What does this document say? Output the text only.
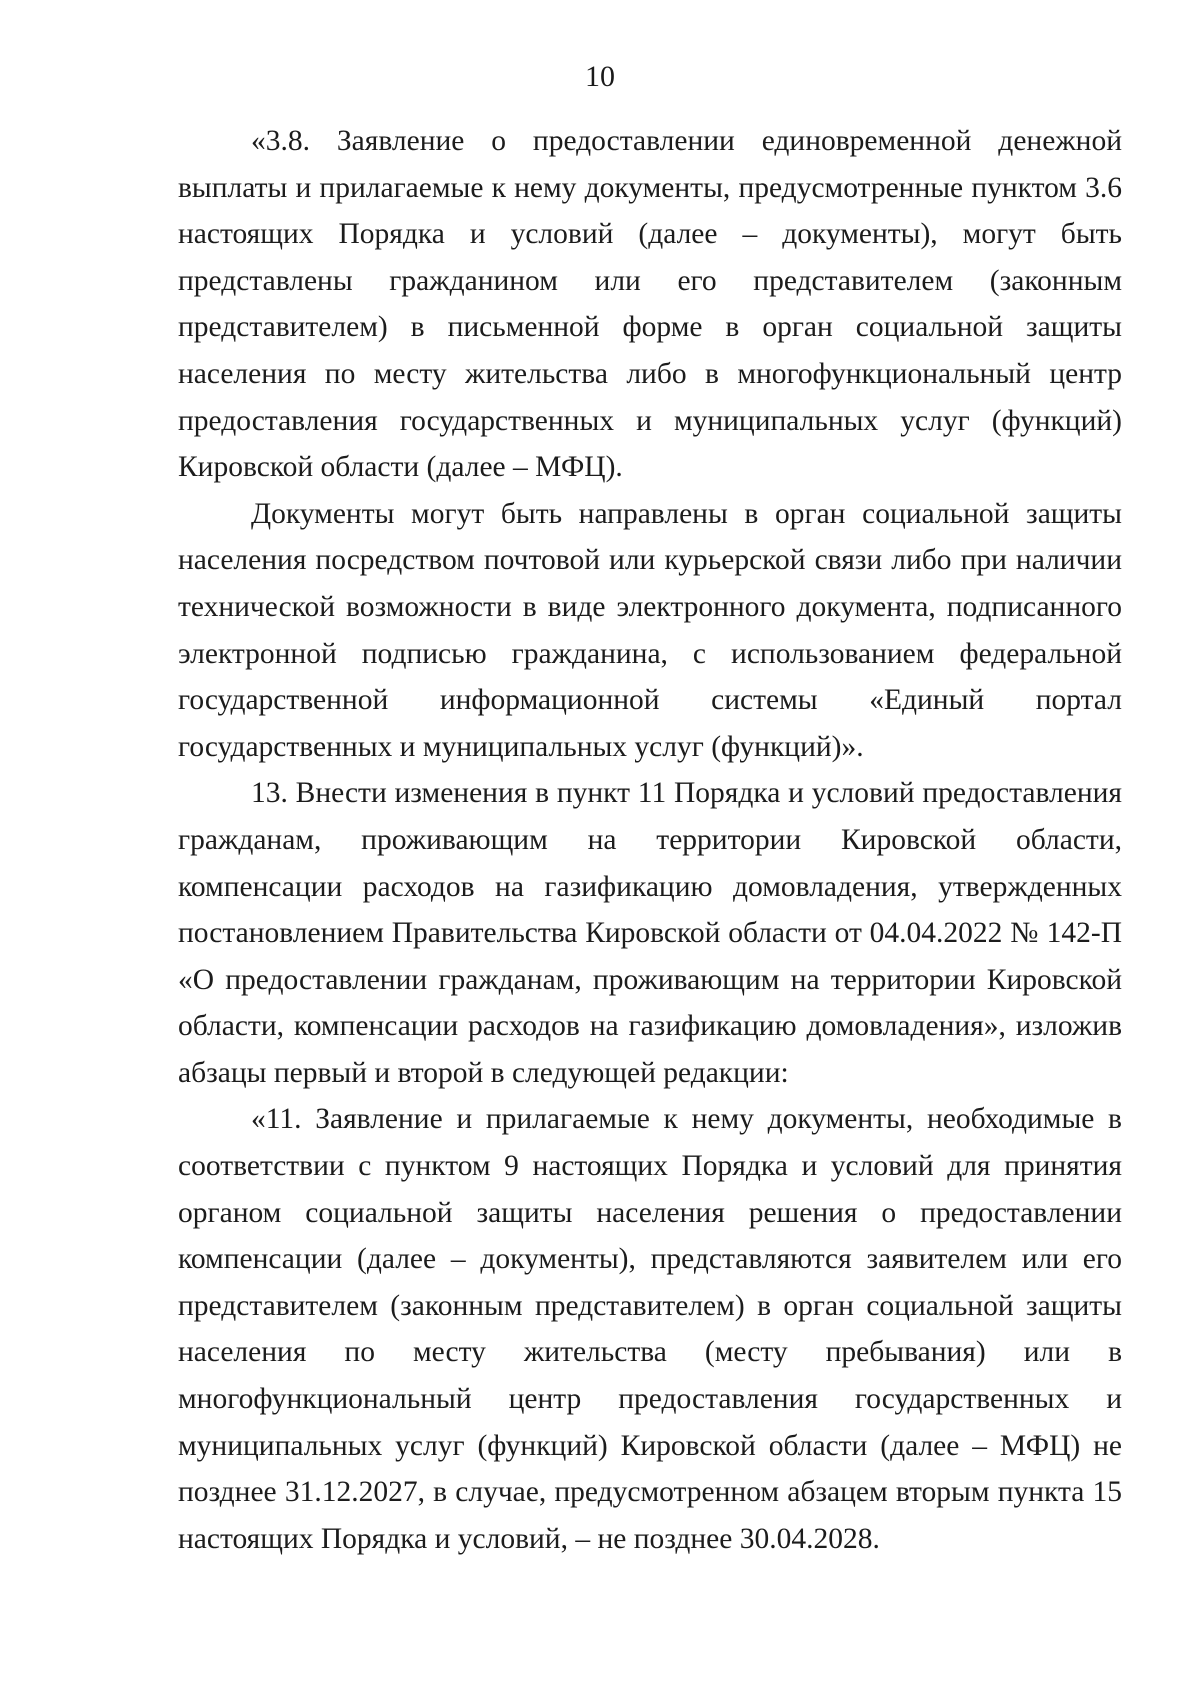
10

«3.8. Заявление о предоставлении единовременной денежной выплаты и прилагаемые к нему документы, предусмотренные пунктом 3.6 настоящих Порядка и условий (далее – документы), могут быть представлены гражданином или его представителем (законным представителем) в письменной форме в орган социальной защиты населения по месту жительства либо в многофункциональный центр предоставления государственных и муниципальных услуг (функций) Кировской области (далее – МФЦ).

Документы могут быть направлены в орган социальной защиты населения посредством почтовой или курьерской связи либо при наличии технической возможности в виде электронного документа, подписанного электронной подписью гражданина, с использованием федеральной государственной информационной системы «Единый портал государственных и муниципальных услуг (функций)».

13. Внести изменения в пункт 11 Порядка и условий предоставления гражданам, проживающим на территории Кировской области, компенсации расходов на газификацию домовладения, утвержденных постановлением Правительства Кировской области от 04.04.2022 № 142-П «О предоставлении гражданам, проживающим на территории Кировской области, компенсации расходов на газификацию домовладения», изложив абзацы первый и второй в следующей редакции:

«11. Заявление и прилагаемые к нему документы, необходимые в соответствии с пунктом 9 настоящих Порядка и условий для принятия органом социальной защиты населения решения о предоставлении компенсации (далее – документы), представляются заявителем или его представителем (законным представителем) в орган социальной защиты населения по месту жительства (месту пребывания) или в многофункциональный центр предоставления государственных и муниципальных услуг (функций) Кировской области (далее – МФЦ) не позднее 31.12.2027, в случае, предусмотренном абзацем вторым пункта 15 настоящих Порядка и условий, – не позднее 30.04.2028.
